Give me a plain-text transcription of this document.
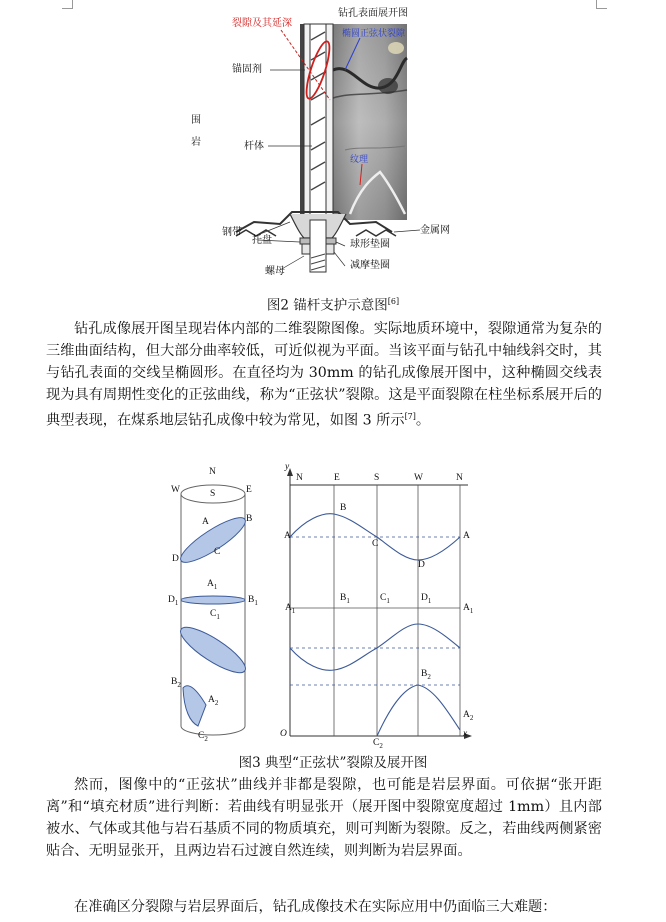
钻孔表面展开图
裂隙及其延深
椭圆正弦状裂隙
锚固剂
围
岩	杆体
纹理
钢带
托盘
金属网
球形垫圈
螺母
减摩垫圈
图2 锚杆支护示意图[6]

钻孔成像展开图呈现岩体内部的二维裂隙图像。实际地质环境中，裂隙通常为复杂的三维曲面结构，但大部分曲率较低，可近似视为平面。当该平面与钻孔中轴线斜交时，其与钻孔表面的交线呈椭圆形。在直径均为 30mm 的钻孔成像展开图中，这种椭圆交线表现为具有周期性变化的正弦曲线，称为“正弦状”裂隙。这是平面裂隙在柱坐标系展开后的典型表现，在煤系地层钻孔成像中较为常见，如图 3 所示[7]。

N
W	E
S
A	B
C
D
$A_1$
$D_1$	$B_1$
$C_1$
$B_2$
$A_2$
$C_2$
y
x
O
N	E	S	W	N
A
B
C
D
A
$A_1$
$B_1$	$C_1$	$D_1$
$A_1$
$B_2$
$A_2$
$C_2$
图3 典型“正弦状”裂隙及展开图

然而，图像中的“正弦状”曲线并非都是裂隙，也可能是岩层界面。可依据“张开距离”和“填充材质”进行判断：若曲线有明显张开（展开图中裂隙宽度超过 1mm）且内部被水、气体或其他与岩石基质不同的物质填充，则可判断为裂隙。反之，若曲线两侧紧密贴合、无明显张开，且两边岩石过渡自然连续，则判断为岩层界面。

在准确区分裂隙与岩层界面后，钻孔成像技术在实际应用中仍面临三大难题：
